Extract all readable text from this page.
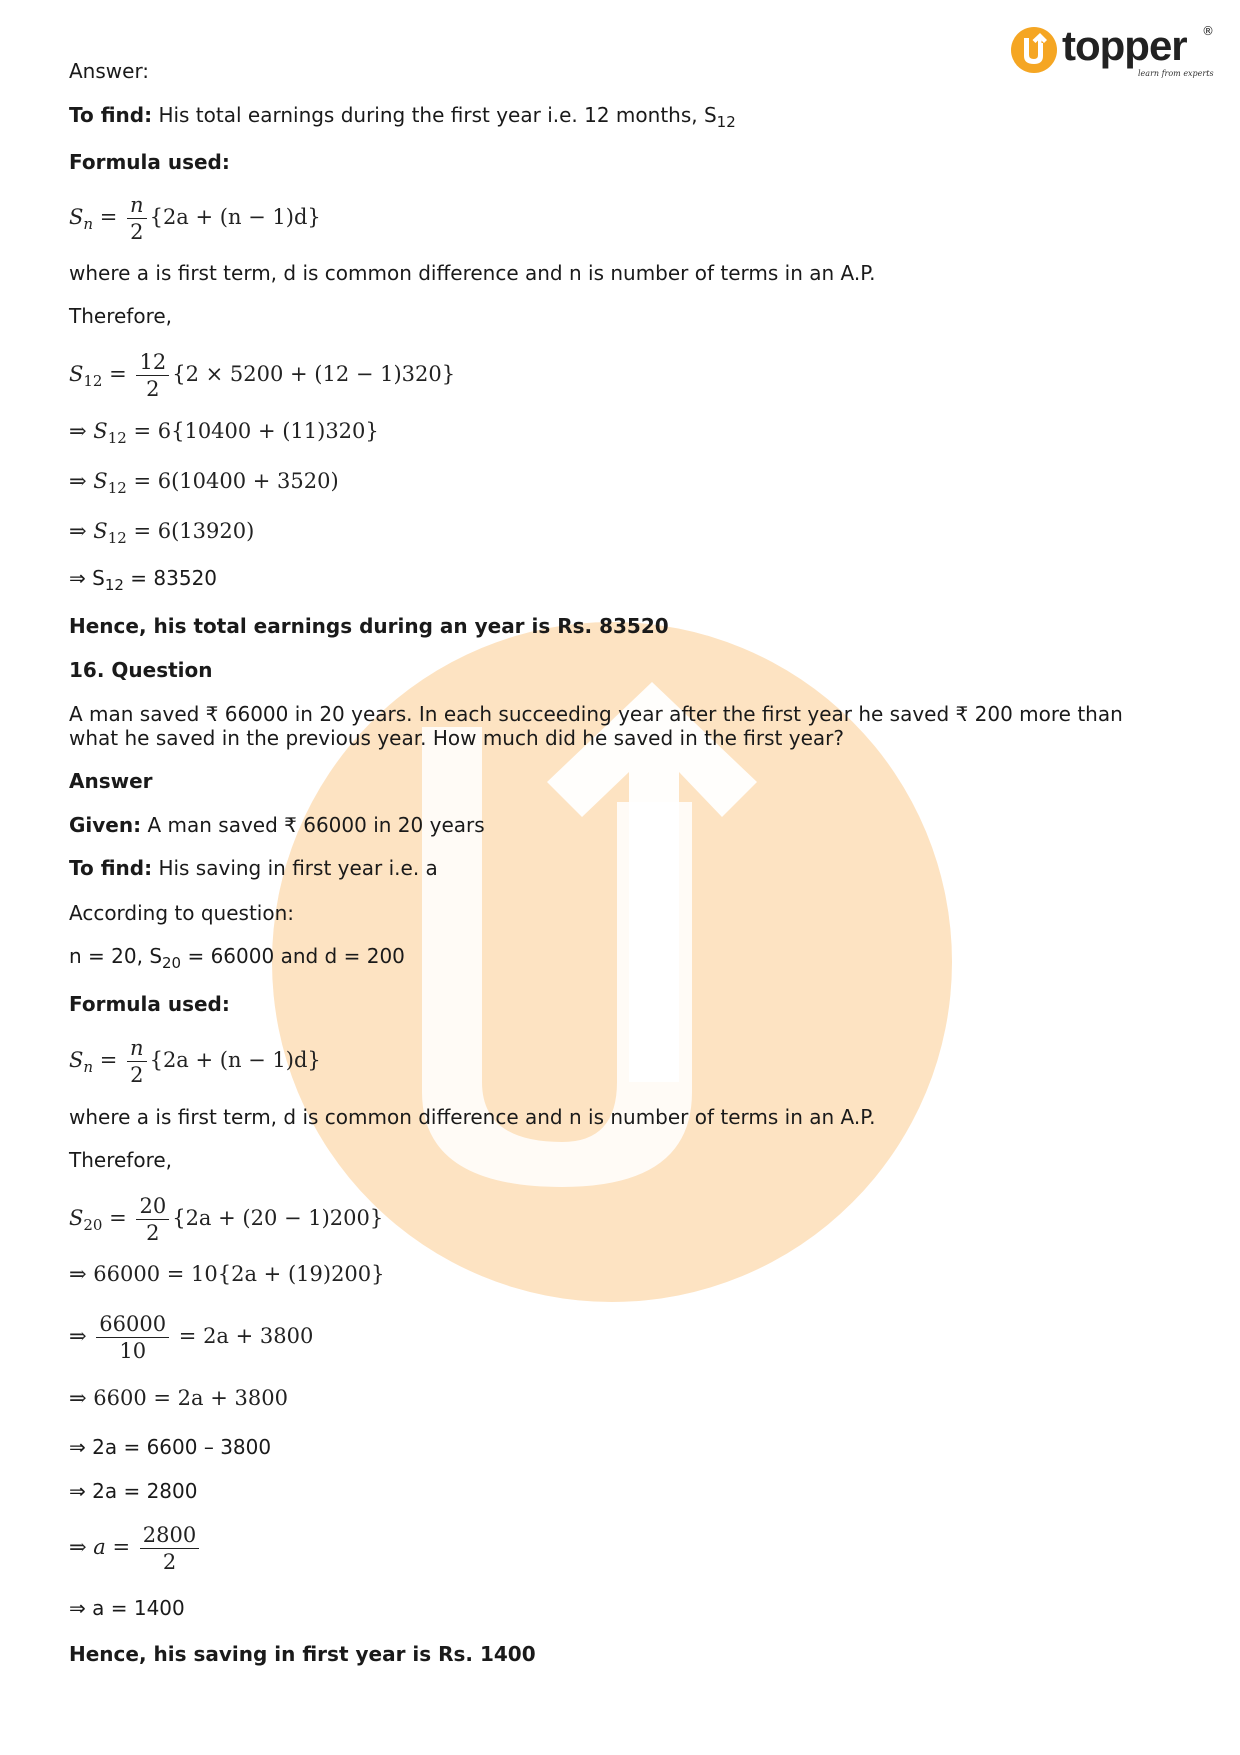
topper ®
learn from experts
Answer:
To find: His total earnings during the first year i.e. 12 months, $S_{12}$
Formula used:
$S_n = \frac{n}{2} \{2a + (n - 1)d\}$
where a is first term, d is common difference and n is number of terms in an A.P.
Therefore,
$S_{12} = \frac{12}{2} \{2 \times 5200 + (12 - 1)320\}$
⇒ $S_{12} = 6\{10400 + (11)320\}$
⇒ $S_{12} = 6(10400 + 3520)$
⇒ $S_{12} = 6(13920)$
⇒ $S_{12} = 83520$
Hence, his total earnings during an year is Rs. 83520
16. Question
A man saved ₹ 66000 in 20 years. In each succeeding year after the first year he saved ₹ 200 more than what he saved in the previous year. How much did he saved in the first year?
Answer
Given: A man saved ₹ 66000 in 20 years
To find: His saving in first year i.e. a
According to question:
n = 20, $S_{20} = 66000$ and d = 200
Formula used:
$S_n = \frac{n}{2} \{2a + (n - 1)d\}$
where a is first term, d is common difference and n is number of terms in an A.P.
Therefore,
$S_{20} = \frac{20}{2} \{2a + (20 - 1)200\}$
⇒ 66000 = 10{2a + (19)200}
⇒ $\frac{66000}{10} = 2a + 3800$
⇒ 6600 = 2a + 3800
⇒ 2a = 6600 – 3800
⇒ 2a = 2800
⇒ $a = \frac{2800}{2}$
⇒ a = 1400
Hence, his saving in first year is Rs. 1400
